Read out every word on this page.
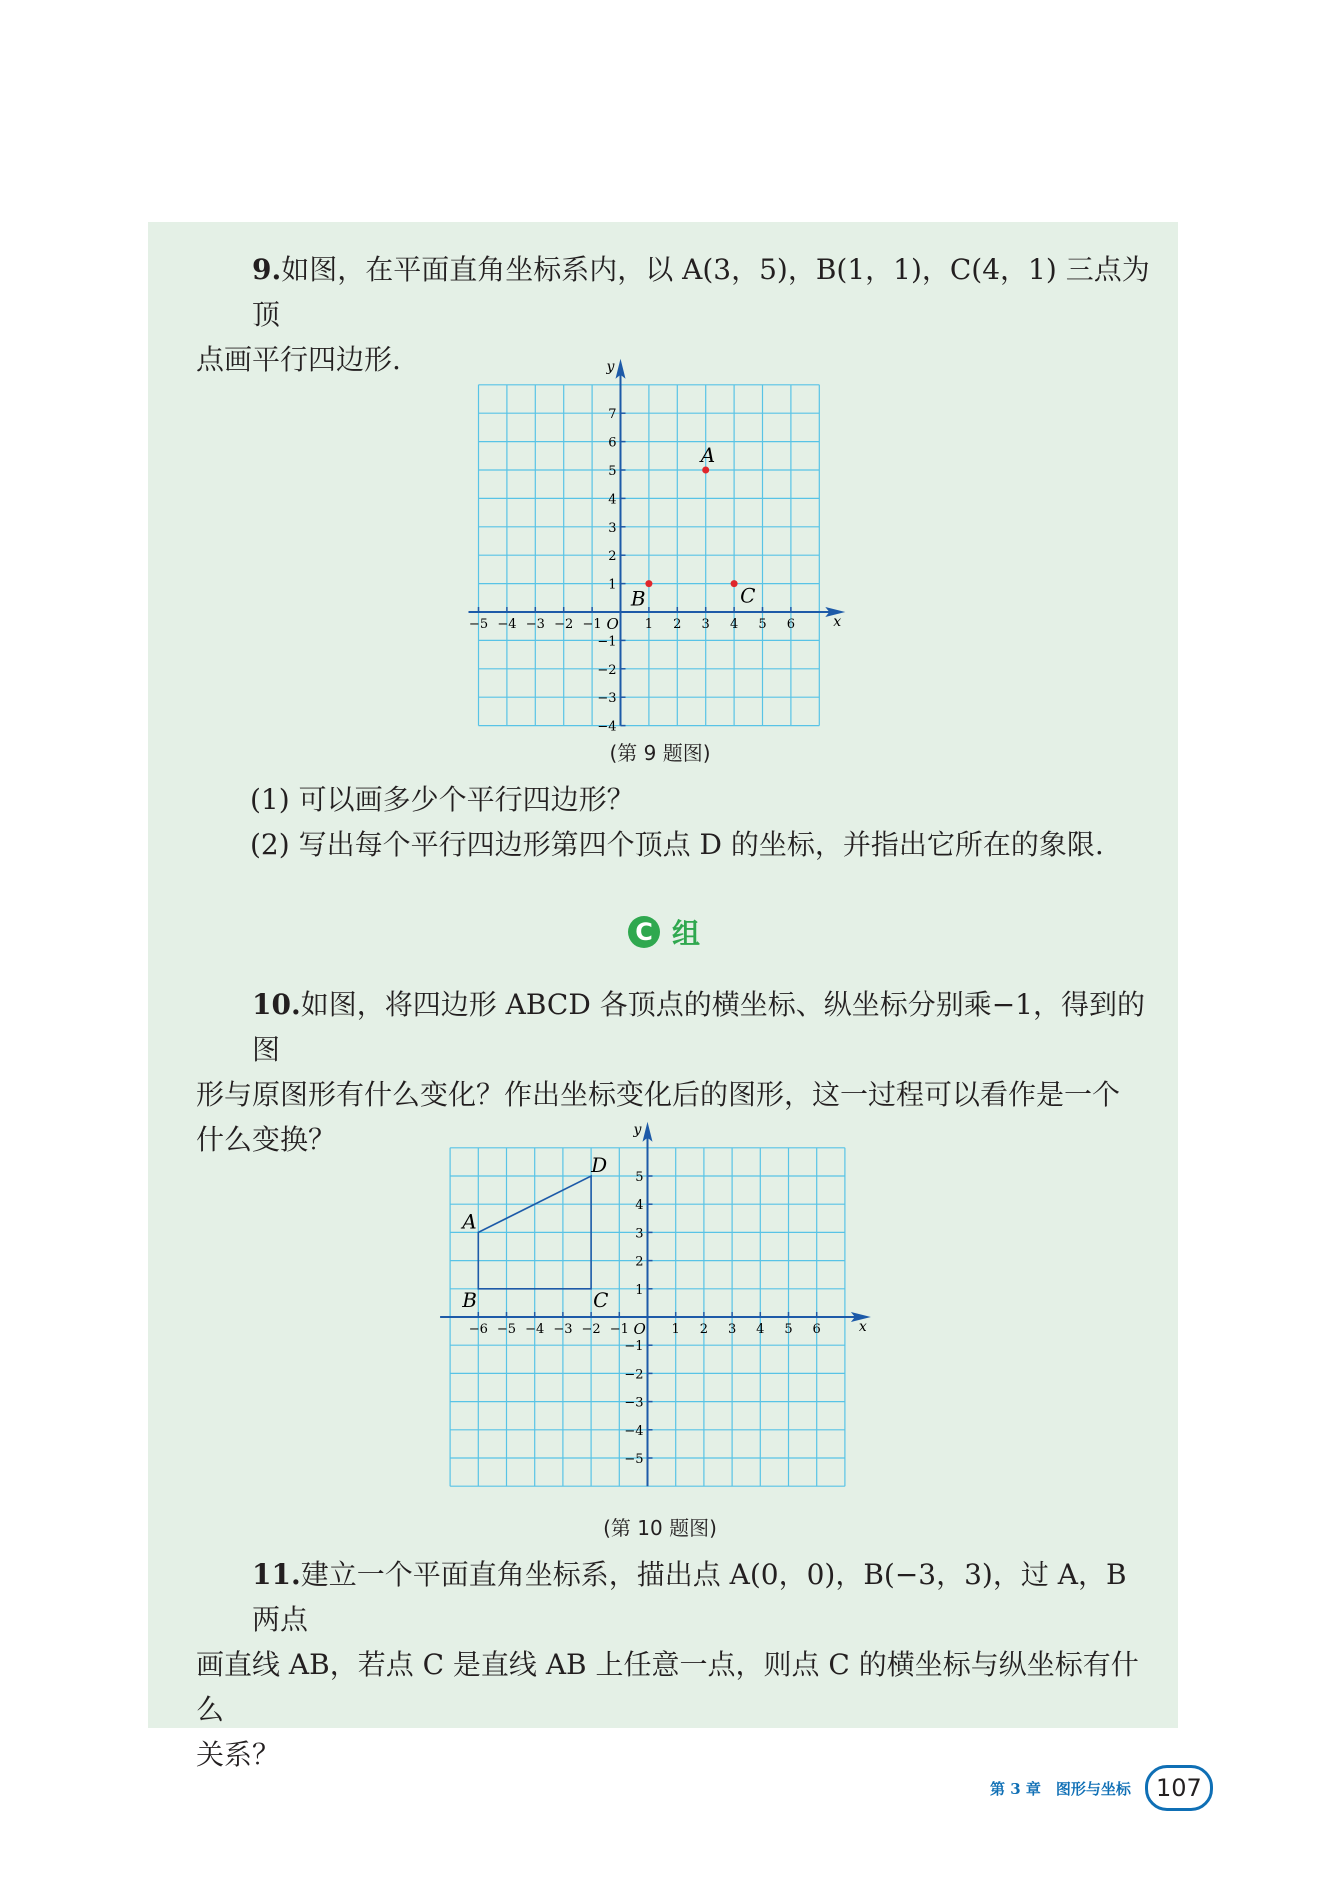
9.如图，在平面直角坐标系内，以 A(3，5)，B(1，1)，C(4，1) 三点为顶
点画平行四边形.

x
y
O
−5 −4 −3 −2 −1	1 2 3 4 5 6
7
6
5
4
3
2
1
−1
−2
−3
−4
A
B	C
(第 9 题图)

(1) 可以画多少个平行四边形？

(2) 写出每个平行四边形第四个顶点 D 的坐标，并指出它所在的象限.

C 组

10.如图，将四边形 ABCD 各顶点的横坐标、纵坐标分别乘−1，得到的图
形与原图形有什么变化？作出坐标变化后的图形，这一过程可以看作是一个
什么变换？

x
y
O
−6 −5 −4 −3 −2 −1	1 2 3 4 5 6
5
4
3
2
1
−1
−2
−3
−4
−5
A
B	C
D
(第 10 题图)

11.建立一个平面直角坐标系，描出点 A(0，0)，B(−3，3)，过 A，B 两点
画直线 AB，若点 C 是直线 AB 上任意一点，则点 C 的横坐标与纵坐标有什么
关系？

第 3 章　图形与坐标	107
